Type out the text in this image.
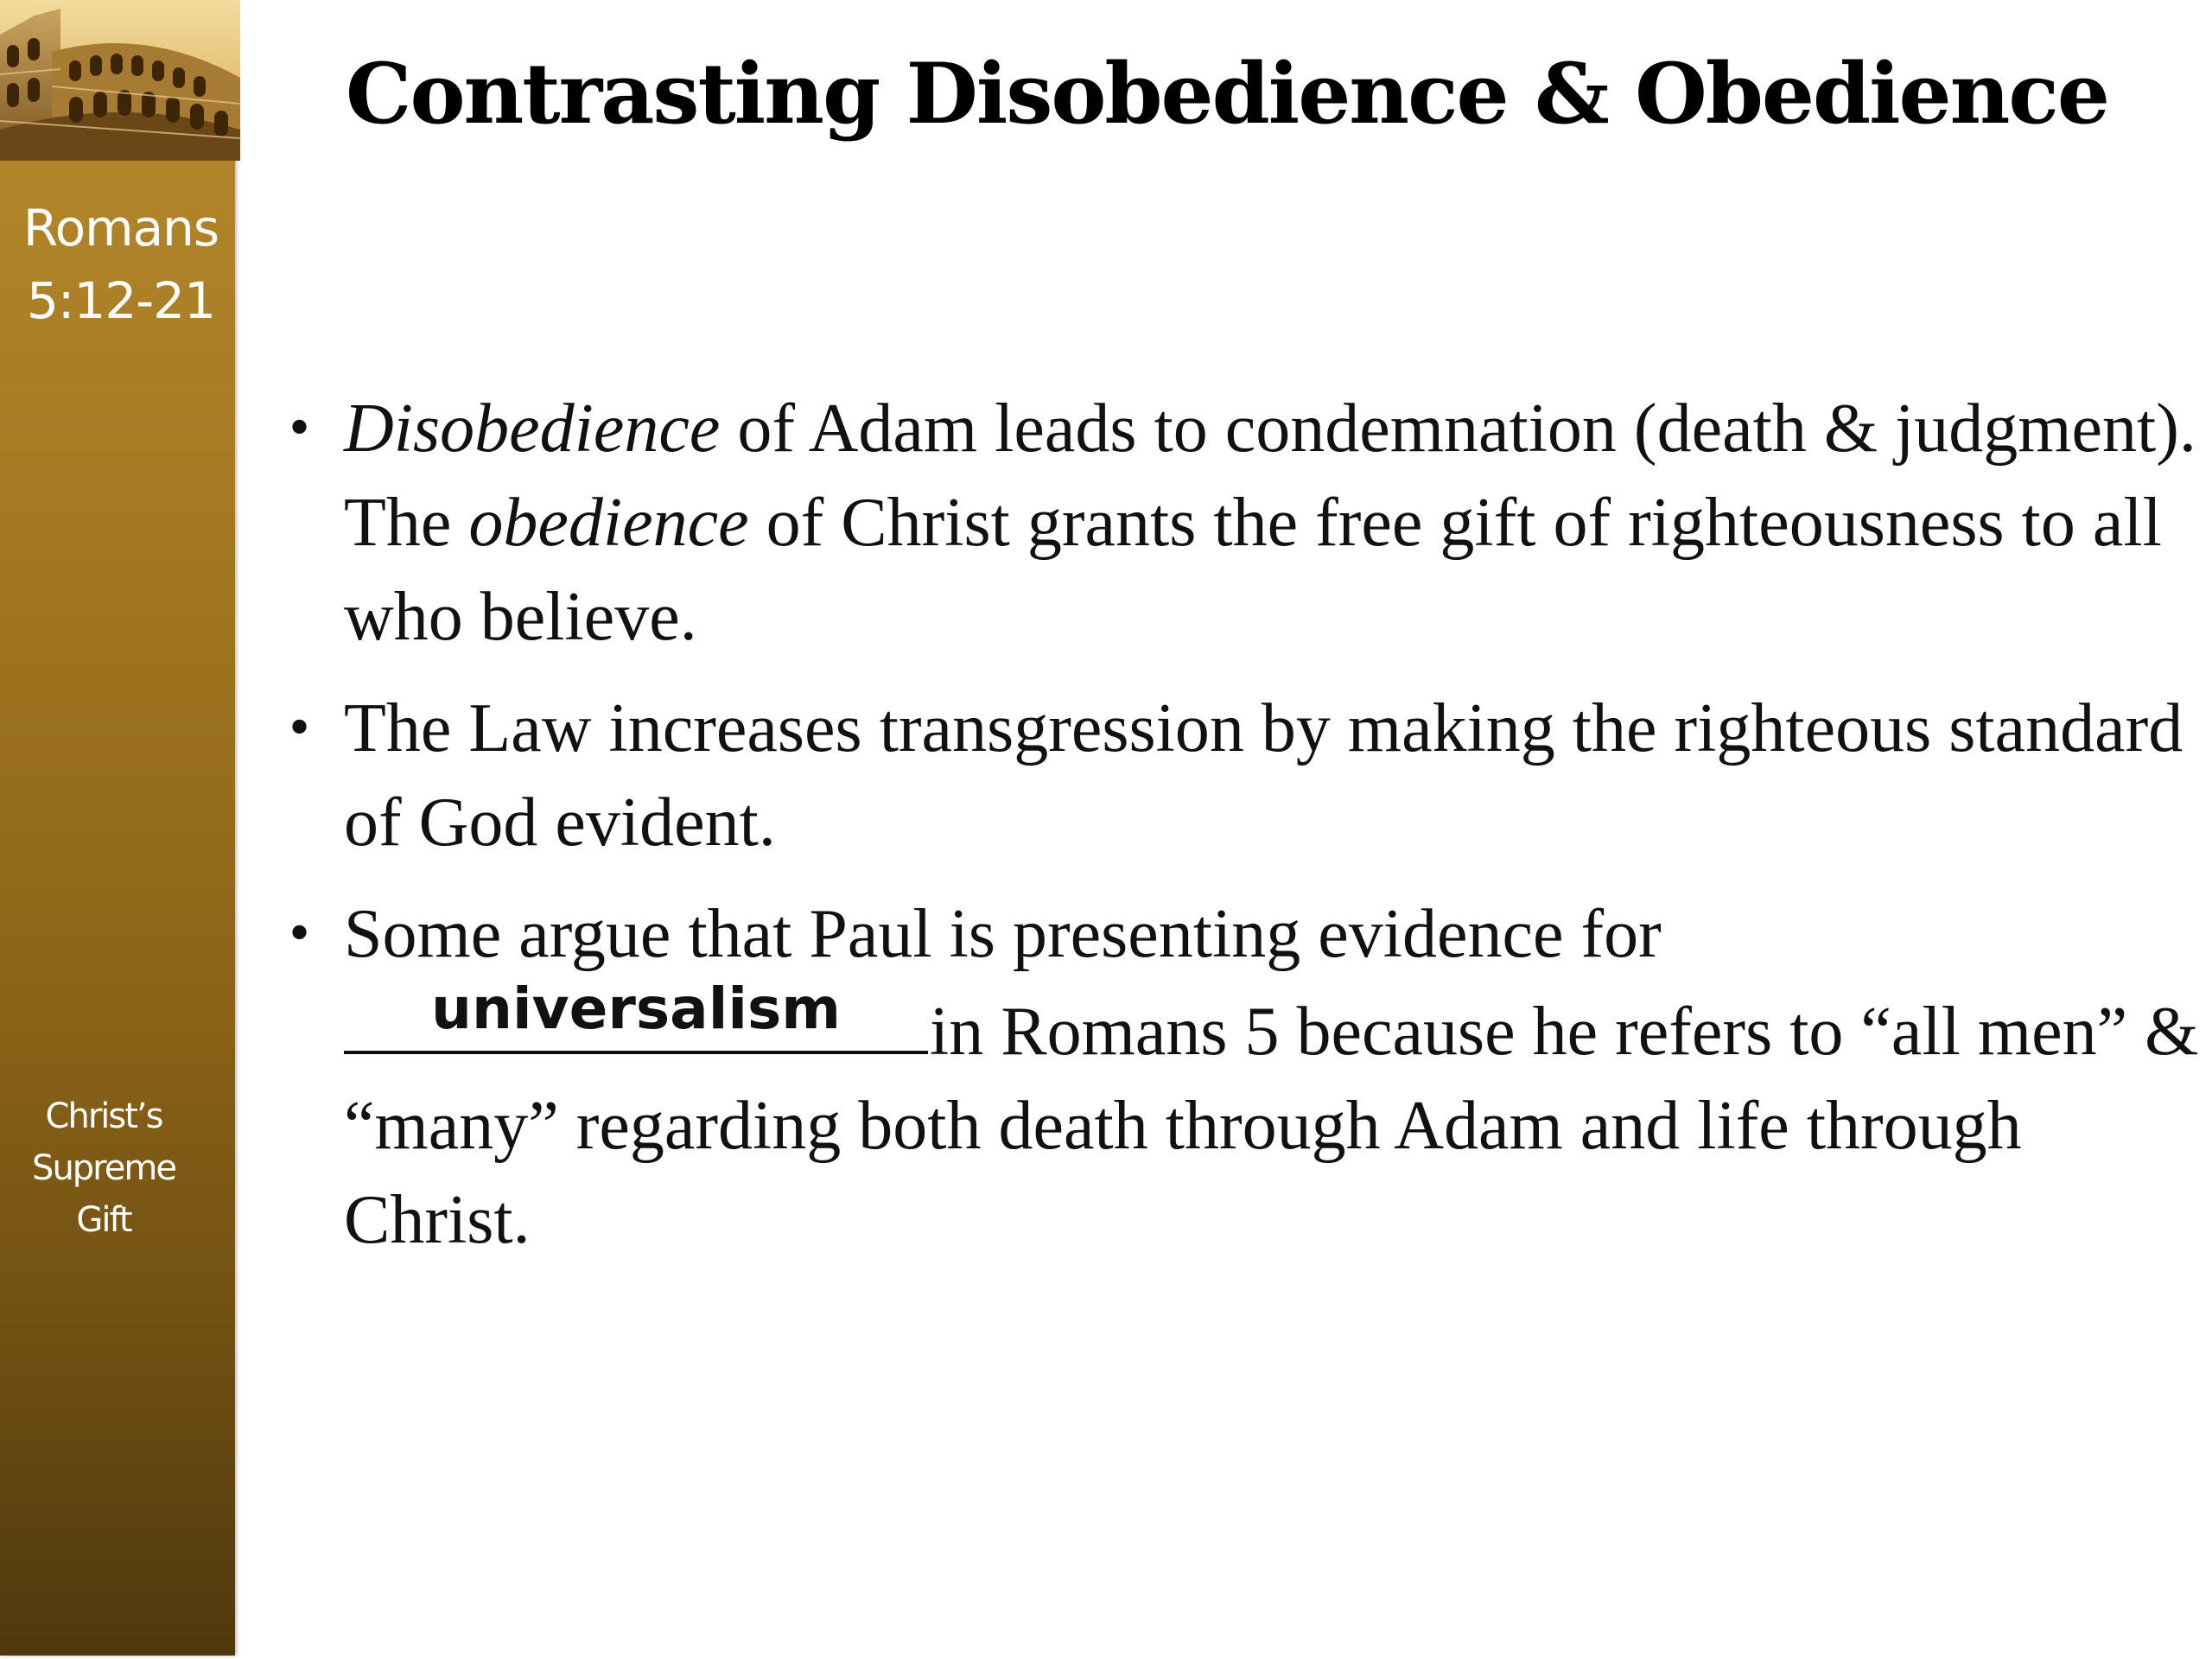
Romans
5:12-21
Christ’s
Supreme
Gift
Contrasting Disobedience & Obedience
• Disobedience of Adam leads to condemnation (death & judgment). The obedience of Christ grants the free gift of righteousness to all who believe.
• The Law increases transgression by making the righteous standard of God evident.
• Some argue that Paul is presenting evidence for
universalism	in Romans 5 because he refers to “all men” & “many” regarding both death through Adam and life through Christ.
